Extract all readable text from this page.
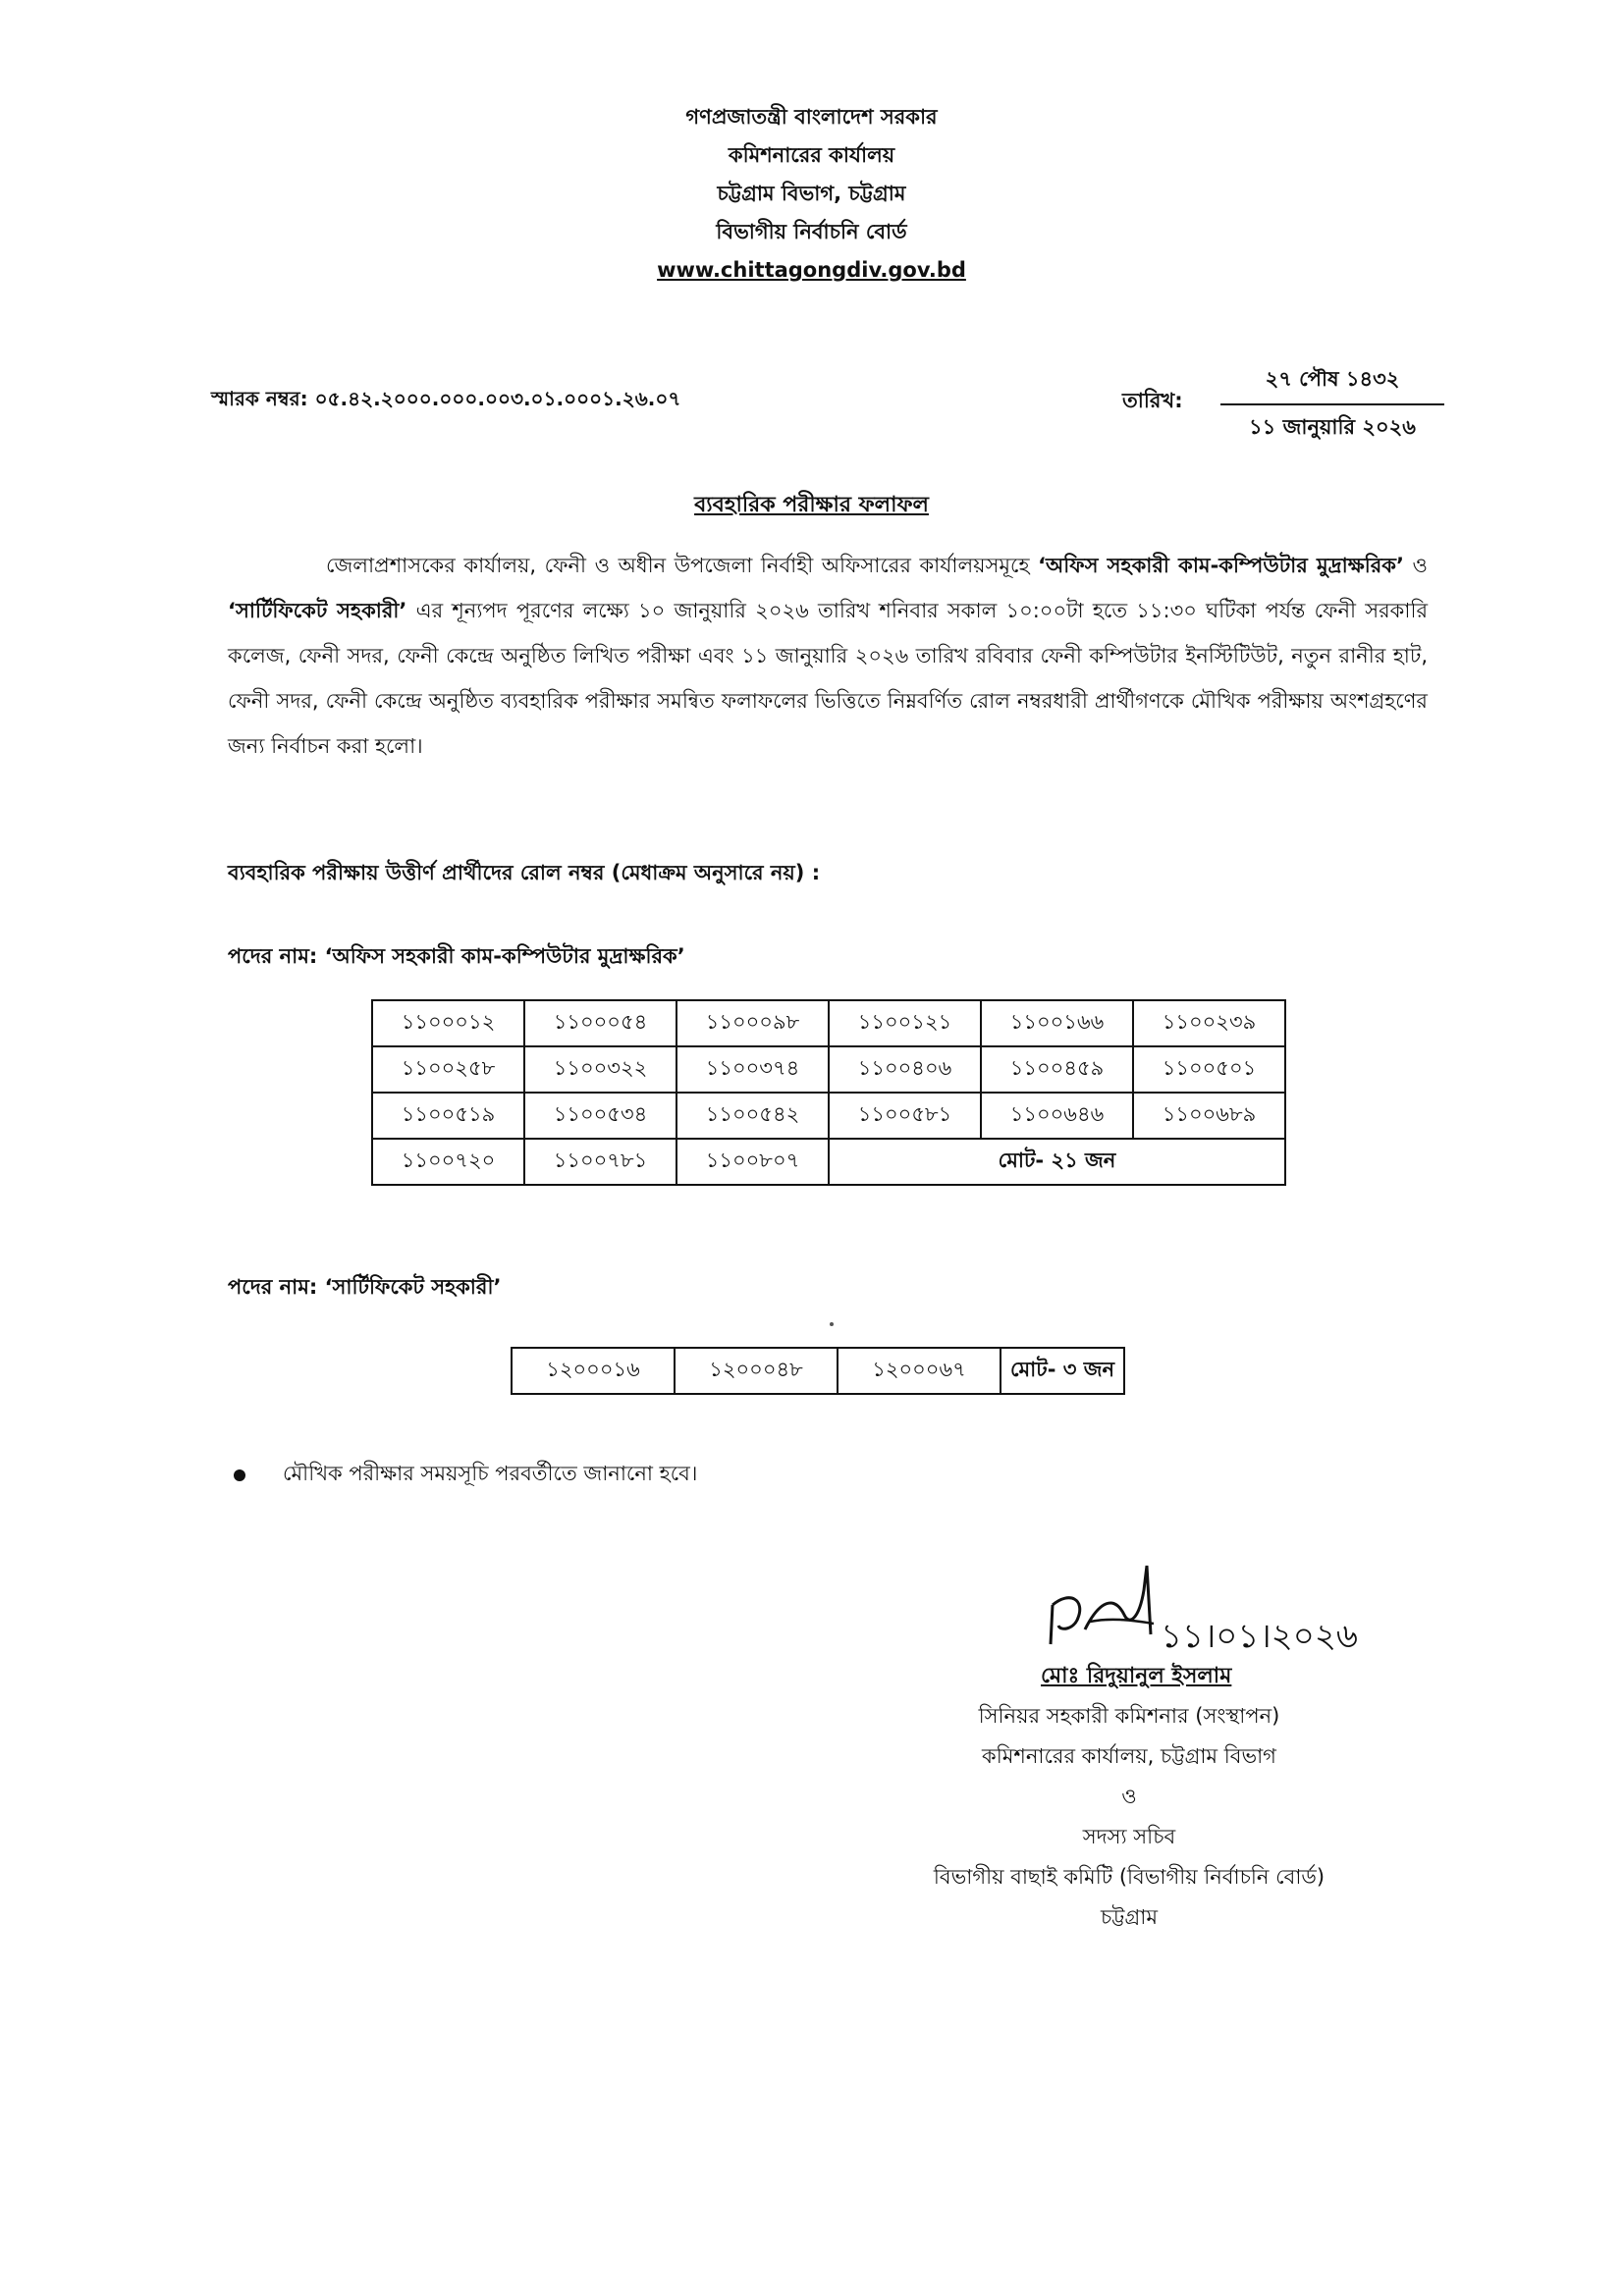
গণপ্রজাতন্ত্রী বাংলাদেশ সরকার
কমিশনারের কার্যালয়
চট্টগ্রাম বিভাগ, চট্টগ্রাম
বিভাগীয় নির্বাচনি বোর্ড
www.chittagongdiv.gov.bd
স্মারক নম্বর: ০৫.৪২.২০০০.০০০.০০৩.০১.০০০১.২৬.০৭	তারিখ:
২৭ পৌষ ১৪৩২
১১ জানুয়ারি ২০২৬
ব্যবহারিক পরীক্ষার ফলাফল
জেলাপ্রশাসকের কার্যালয়, ফেনী ও অধীন উপজেলা নির্বাহী অফিসারের কার্যালয়সমূহে ‘অফিস সহকারী কাম-কম্পিউটার মুদ্রাক্ষরিক’ ও ‘সার্টিফিকেট সহকারী’ এর শূন্যপদ পূরণের লক্ষ্যে ১০ জানুয়ারি ২০২৬ তারিখ শনিবার সকাল ১০:০০টা হতে ১১:৩০ ঘটিকা পর্যন্ত ফেনী সরকারি কলেজ, ফেনী সদর, ফেনী কেন্দ্রে অনুষ্ঠিত লিখিত পরীক্ষা এবং ১১ জানুয়ারি ২০২৬ তারিখ রবিবার ফেনী কম্পিউটার ইনস্টিটিউট, নতুন রানীর হাট, ফেনী সদর, ফেনী কেন্দ্রে অনুষ্ঠিত ব্যবহারিক পরীক্ষার সমন্বিত ফলাফলের ভিত্তিতে নিম্নবর্ণিত রোল নম্বরধারী প্রার্থীগণকে মৌখিক পরীক্ষায় অংশগ্রহণের জন্য নির্বাচন করা হলো।
ব্যবহারিক পরীক্ষায় উত্তীর্ণ প্রার্থীদের রোল নম্বর (মেধাক্রম অনুসারে নয়) :
পদের নাম: ‘অফিস সহকারী কাম-কম্পিউটার মুদ্রাক্ষরিক’
১১০০০১২	১১০০০৫৪	১১০০০৯৮	১১০০১২১	১১০০১৬৬	১১০০২৩৯
১১০০২৫৮	১১০০৩২২	১১০০৩৭৪	১১০০৪০৬	১১০০৪৫৯	১১০০৫০১
১১০০৫১৯	১১০০৫৩৪	১১০০৫৪২	১১০০৫৮১	১১০০৬৪৬	১১০০৬৮৯
১১০০৭২০	১১০০৭৮১	১১০০৮০৭	মোট- ২১ জন		
পদের নাম: ‘সার্টিফিকেট সহকারী’
১২০০০১৬	১২০০০৪৮	১২০০০৬৭	মোট- ৩ জন
মৌখিক পরীক্ষার সময়সূচি পরবর্তীতে জানানো হবে।
১১।০১।২০২৬
মোঃ রিদুয়ানুল ইসলাম
সিনিয়র সহকারী কমিশনার (সংস্থাপন)
কমিশনারের কার্যালয়, চট্টগ্রাম বিভাগ
ও
সদস্য সচিব
বিভাগীয় বাছাই কমিটি (বিভাগীয় নির্বাচনি বোর্ড)
চট্টগ্রাম
